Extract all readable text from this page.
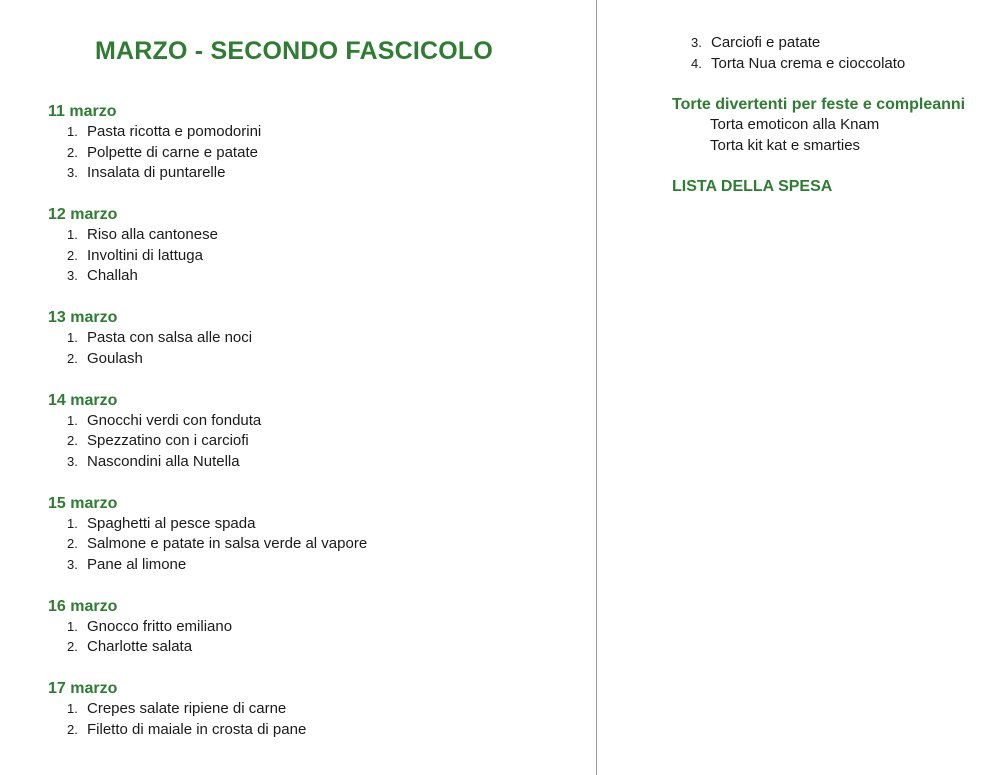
MARZO - SECONDO FASCICOLO
11 marzo
1. Pasta ricotta e pomodorini
2. Polpette di carne e patate
3. Insalata di puntarelle
12 marzo
1. Riso alla cantonese
2. Involtini di lattuga
3. Challah
13 marzo
1. Pasta con salsa alle noci
2. Goulash
14 marzo
1. Gnocchi verdi con fonduta
2. Spezzatino con i carciofi
3. Nascondini alla Nutella
15 marzo
1. Spaghetti al pesce spada
2. Salmone e patate in salsa verde al vapore
3. Pane al limone
16 marzo
1. Gnocco fritto emiliano
2. Charlotte salata
17 marzo
1. Crepes salate ripiene di carne
2. Filetto di maiale in crosta di pane
3. Carciofi e patate
4. Torta Nua crema e cioccolato
Torte divertenti per feste e compleanni
Torta emoticon alla Knam
Torta kit kat e smarties
LISTA DELLA SPESA
